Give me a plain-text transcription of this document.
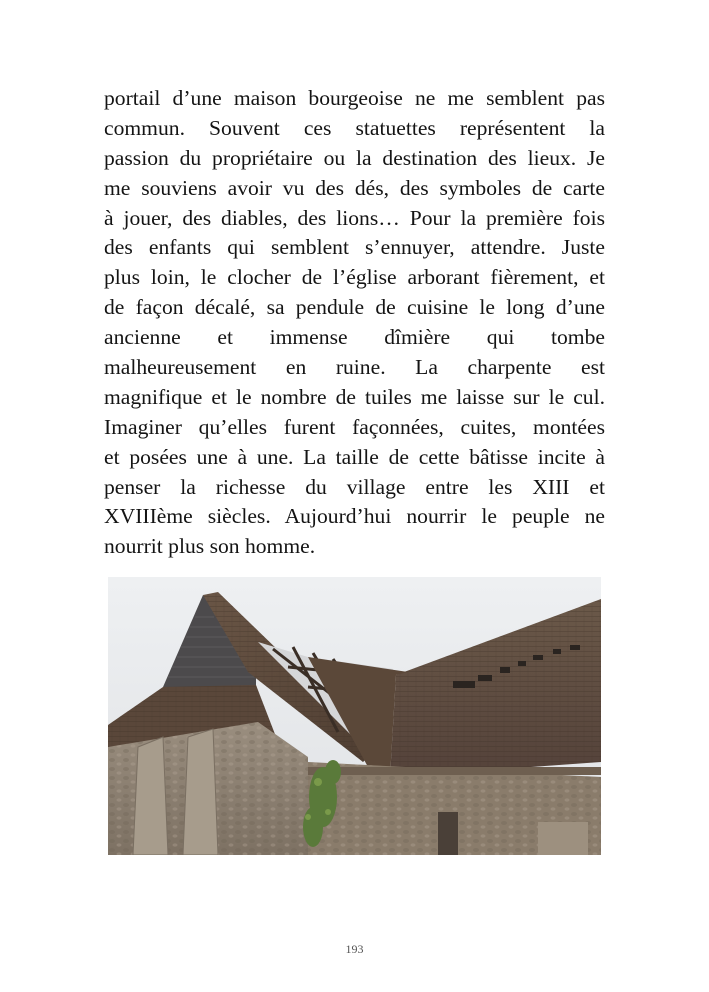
portail d’une maison bourgeoise ne me semblent pas
commun. Souvent ces statuettes représentent la
passion du propriétaire ou la destination des lieux. Je
me souviens avoir vu des dés, des symboles de carte
à jouer, des diables, des lions… Pour la première fois
des enfants qui semblent s’ennuyer, attendre. Juste
plus loin, le clocher de l’église arborant fièrement, et
de façon décalé, sa pendule de cuisine le long d’une
ancienne et immense dîmière qui tombe
malheureusement en ruine. La charpente est
magnifique et le nombre de tuiles me laisse sur le cul.
Imaginer qu’elles furent façonnées, cuites, montées
et posées une à une. La taille de cette bâtisse incite à
penser la richesse du village entre les XIII et
XVIIIème siècles. Aujourd’hui nourrir le peuple ne
nourrit plus son homme.
193
